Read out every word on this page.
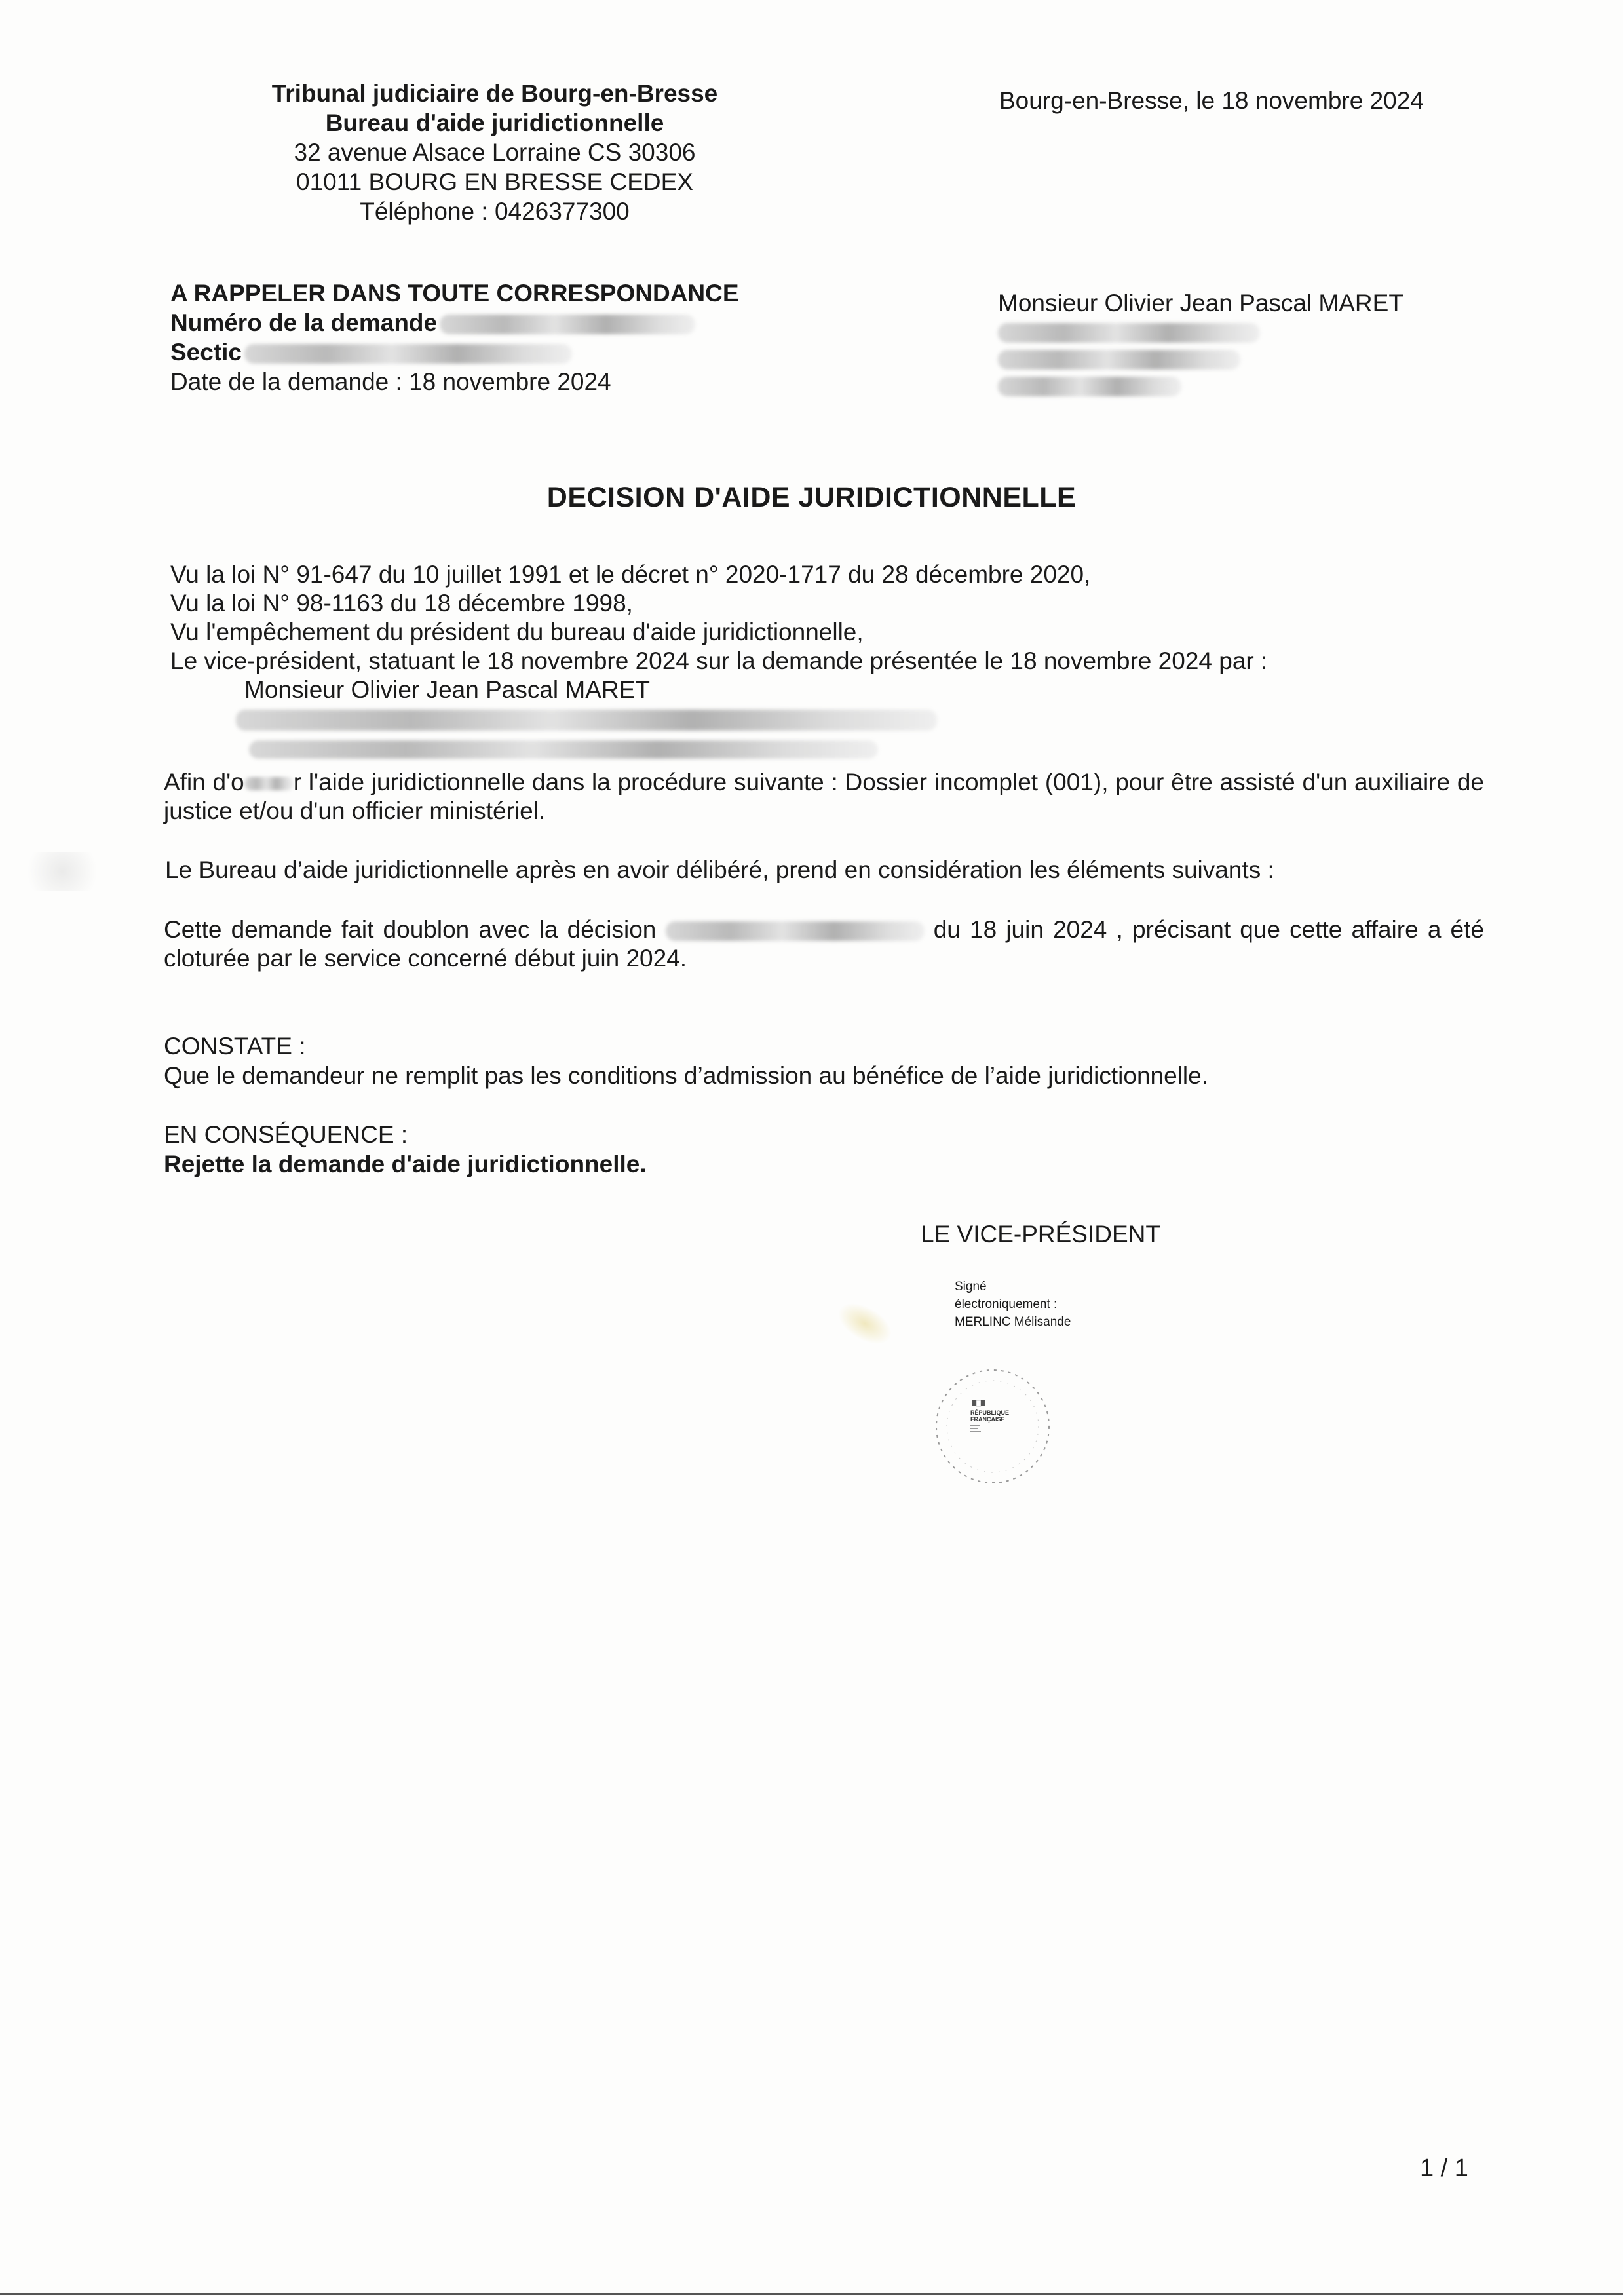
Tribunal judiciaire de Bourg-en-Bresse
Bureau d'aide juridictionnelle
32 avenue Alsace Lorraine CS 30306
01011 BOURG EN BRESSE CEDEX
Téléphone : 0426377300
Bourg-en-Bresse, le 18 novembre 2024
A RAPPELER DANS TOUTE CORRESPONDANCE
Numéro de la demande
Sectic
Date de la demande : 18 novembre 2024
Monsieur Olivier Jean Pascal MARET
DECISION D'AIDE JURIDICTIONNELLE
Vu la loi N° 91-647 du 10 juillet 1991 et le décret n° 2020-1717 du 28 décembre 2020,
Vu la loi N° 98-1163 du 18 décembre 1998,
Vu l'empêchement du président du bureau d'aide juridictionnelle,
Le vice-président, statuant le 18 novembre 2024 sur la demande présentée le 18 novembre 2024 par :
Monsieur Olivier Jean Pascal MARET
Afin d'o r l'aide juridictionnelle dans la procédure suivante : Dossier incomplet (001), pour être assisté d'un auxiliaire de justice et/ou d'un officier ministériel.
Le Bureau d’aide juridictionnelle après en avoir délibéré, prend en considération les éléments suivants :
Cette demande fait doublon avec la décision	du 18 juin 2024 , précisant que cette affaire a été cloturée par le service concerné début juin 2024.
CONSTATE :
Que le demandeur ne remplit pas les conditions d’admission au bénéfice de l’aide juridictionnelle.
EN CONSÉQUENCE :
Rejette la demande d'aide juridictionnelle.
LE VICE-PRÉSIDENT
Signé
électroniquement :
MERLINC Mélisande
RÉPUBLIQUE
FRANÇAISE
1 / 1
